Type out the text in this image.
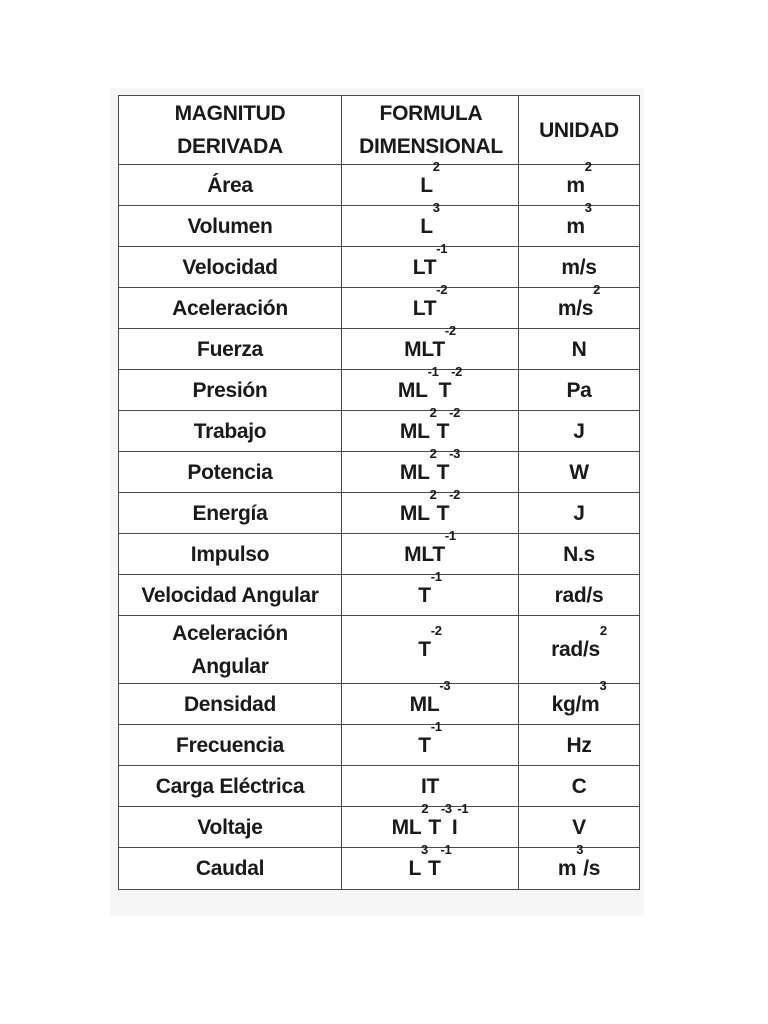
MAGNITUD DERIVADA	FORMULA DIMENSIONAL	UNIDAD
Área	$L^2$	$m^2$
Volumen	$L^3$	$m^3$
Velocidad	$LT^{-1}$	m/s
Aceleración	$LT^{-2}$	$m/s^2$
Fuerza	$MLT^{-2}$	N
Presión	$ML^{-1}T^{-2}$	Pa
Trabajo	$ML^2T^{-2}$	J
Potencia	$ML^2T^{-3}$	W
Energía	$ML^2T^{-2}$	J
Impulso	$MLT^{-1}$	N.s
Velocidad Angular	$T^{-1}$	rad/s
Aceleración Angular	$T^{-2}$	rad/$s^2$
Densidad	$ML^{-3}$	$kg/m^3$
Frecuencia	$T^{-1}$	Hz
Carga Eléctrica	IT	C
Voltaje	$ML^2T^{-3}I^{-1}$	V
Caudal	$L^3T^{-1}$	$m^3/s$
